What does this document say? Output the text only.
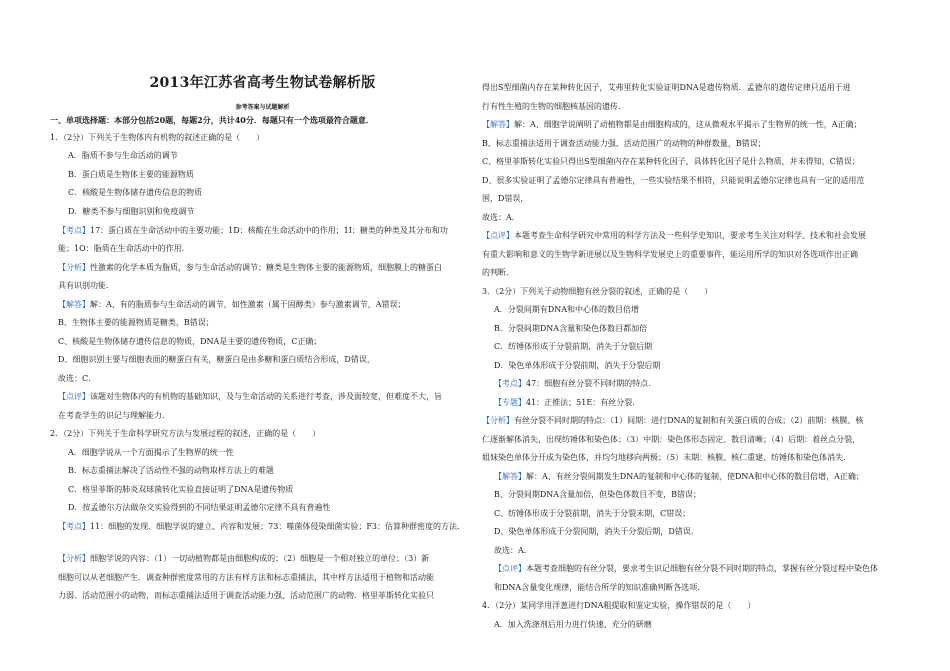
2013年江苏省高考生物试卷解析版
参考答案与试题解析
一、单项选择题：本部分包括20题，每题2分，共计40分．每题只有一个选项最符合题意．
1．（2分）下列关于生物体内有机物的叙述正确的是（　　）
A．脂质不参与生命活动的调节
B．蛋白质是生物体主要的能源物质
C．核酸是生物体储存遗传信息的物质
D．糖类不参与细胞识别和免疫调节
【考点】17：蛋白质在生命活动中的主要功能；1D：核酸在生命活动中的作用；1I：糖类的种类及其分布和功
能；1O：脂质在生命活动中的作用．
【分析】性激素的化学本质为脂质，参与生命活动的调节；糖类是生物体主要的能源物质，细胞膜上的糖蛋白
具有识别功能．
【解答】解：A、有的脂质参与生命活动的调节，如性激素（属于固醇类）参与激素调节，A错误；
B、生物体主要的能源物质是糖类，B错误；
C、核酸是生物体储存遗传信息的物质，DNA是主要的遗传物质，C正确；
D、细胞识别主要与细胞表面的糖蛋白有关，糖蛋白是由多糖和蛋白质结合形成，D错误，
故选：C．
【点评】该题对生物体内的有机物的基础知识，及与生命活动的关系进行考查，涉及面较宽，但难度不大，旨
在考查学生的识记与理解能力．
2．（2分）下列关于生命科学研究方法与发展过程的叙述，正确的是（　　）
A．细胞学说从一个方面揭示了生物界的统一性
B．标志重捕法解决了活动性不强的动物取样方法上的难题
C．格里菲斯的肺炎双球菌转化实验直接证明了DNA是遗传物质
D．按孟德尔方法做杂交实验得到的不同结果证明孟德尔定律不具有普遍性
【考点】11：细胞的发现、细胞学说的建立、内容和发展；73：噬菌体侵染细菌实验；F3：估算种群密度的方法．
【分析】细胞学说的内容：（1）一切动植物都是由细胞构成的；（2）细胞是一个相对独立的单位；（3）新
细胞可以从老细胞产生．调查种群密度常用的方法有样方法和标志重捕法，其中样方法适用于植物和活动能
力弱、活动范围小的动物，而标志重捕法适用于调查活动能力强、活动范围广的动物．格里菲斯转化实验只
得出S型细菌内存在某种转化因子，艾弗里转化实验证明DNA是遗传物质．孟德尔的遗传定律只适用于进
行有性生殖的生物的细胞核基因的遗传．
【解答】解：A、细胞学说阐明了动植物都是由细胞构成的，这从微观水平揭示了生物界的统一性，A正确；
B、标志重捕法适用于调查活动能力强、活动范围广的动物的种群数量，B错误；
C、格里菲斯转化实验只得出S型细菌内存在某种转化因子，具体转化因子是什么物质，并未得知，C错误；
D、很多实验证明了孟德尔定律具有普遍性，一些实验结果不相符，只能说明孟德尔定律也具有一定的适用范
围，D错误，
故选：A．
【点评】本题考查生命科学研究中常用的科学方法及一些科学史知识，要求考生关注对科学、技术和社会发展
有重大影响和意义的生物学新进展以及生物科学发展史上的重要事件，能运用所学的知识对各选项作出正确
的判断．
3．（2分）下列关于动物细胞有丝分裂的叙述，正确的是（　　）
A．分裂间期有DNA和中心体的数目倍增
B．分裂间期DNA含量和染色体数目都加倍
C．纺锤体形成于分裂前期，消失于分裂后期
D．染色单体形成于分裂前期，消失于分裂后期
【考点】47：细胞有丝分裂不同时期的特点．
【专题】41：正推法；51E：有丝分裂．
【分析】有丝分裂不同时期的特点：（1）间期：进行DNA的复制和有关蛋白质的合成；（2）前期：核膜、核
仁逐渐解体消失，出现纺锤体和染色体；（3）中期：染色体形态固定、数目清晰；（4）后期：着丝点分裂，
姐妹染色单体分开成为染色体，并均匀地移向两极；（5）末期：核膜、核仁重建、纺锤体和染色体消失．
【解答】解：A、有丝分裂间期发生DNA的复制和中心体的复制，使DNA和中心体的数目倍增，A正确；
B、分裂间期DNA含量加倍，但染色体数目不变，B错误；
C、纺锤体形成于分裂前期，消失于分裂末期，C错误；
D、染色单体形成于分裂间期，消失于分裂后期，D错误．
故选：A．
【点评】本题考查细胞的有丝分裂，要求考生识记细胞有丝分裂不同时期的特点，掌握有丝分裂过程中染色体
和DNA含量变化规律，能结合所学的知识准确判断各选项．
4．（2分）某同学用洋葱进行DNA粗提取和鉴定实验，操作错误的是（　　）
A．加入洗涤剂后用力进行快速、充分的研磨
